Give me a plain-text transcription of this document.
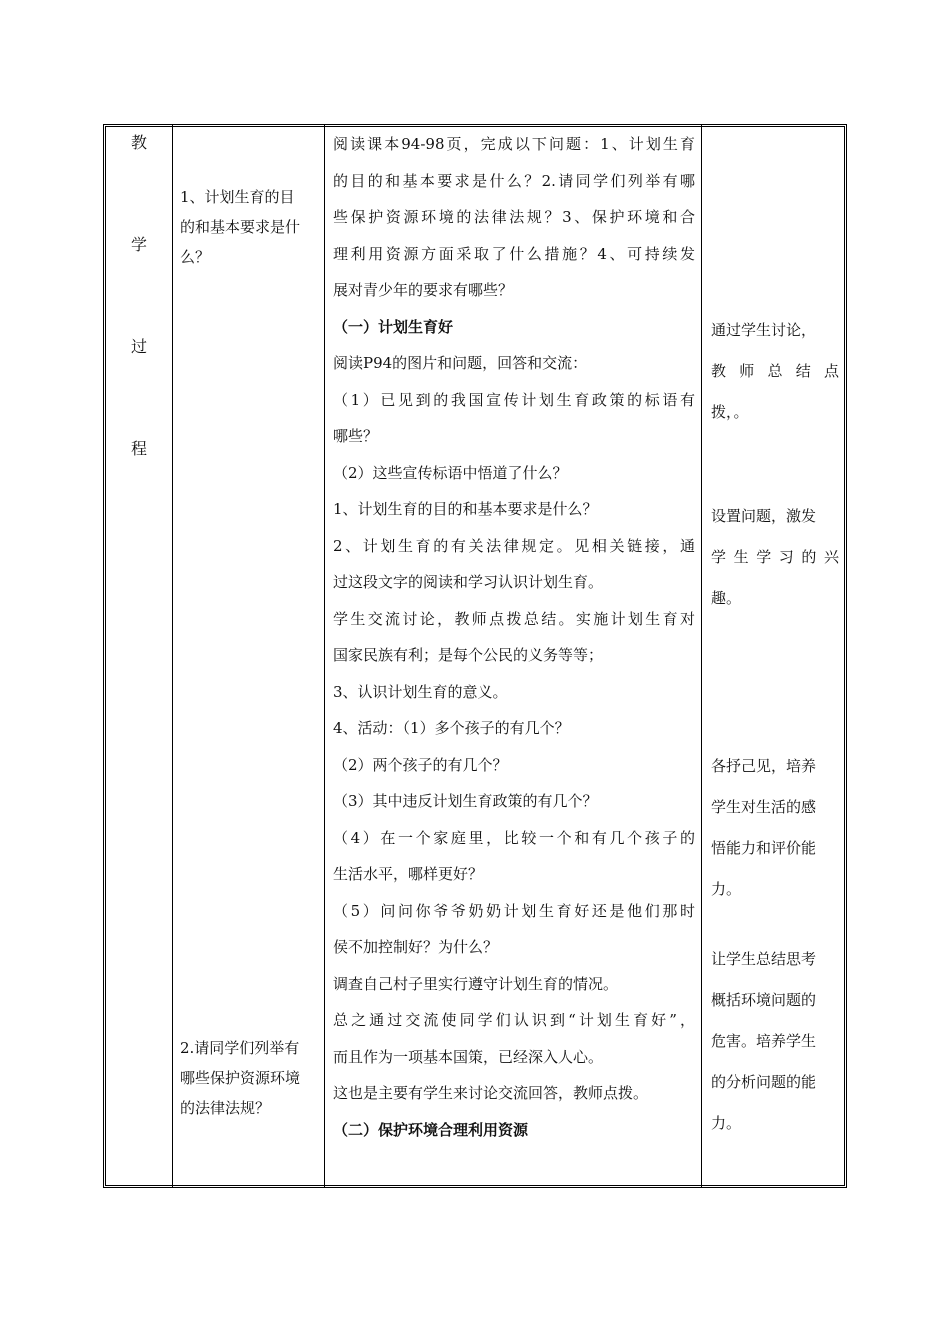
教
学
过
程
1、计划生育的目
的和基本要求是什
么？
2.请同学们列举有
哪些保护资源环境
的法律法规？
阅读课本94-98页，完成以下问题：1、计划生育
的目的和基本要求是什么？2.请同学们列举有哪
些保护资源环境的法律法规？3、保护环境和合
理利用资源方面采取了什么措施？4、可持续发
展对青少年的要求有哪些？
（一）计划生育好
阅读P94的图片和问题，回答和交流：
（1）已见到的我国宣传计划生育政策的标语有
哪些？
（2）这些宣传标语中悟道了什么？
1、计划生育的目的和基本要求是什么？
2、计划生育的有关法律规定。见相关链接，通
过这段文字的阅读和学习认识计划生育。
学生交流讨论，教师点拨总结。实施计划生育对
国家民族有利；是每个公民的义务等等；
3、认识计划生育的意义。
4、活动：（1）多个孩子的有几个？
（2）两个孩子的有几个？
（3）其中违反计划生育政策的有几个？
（4）在一个家庭里，比较一个和有几个孩子的
生活水平，哪样更好？
（5）问问你爷爷奶奶计划生育好还是他们那时
侯不加控制好？为什么？
调查自己村子里实行遵守计划生育的情况。
总之通过交流使同学们认识到“计划生育好”，
而且作为一项基本国策，已经深入人心。
这也是主要有学生来讨论交流回答，教师点拨。
（二）保护环境合理利用资源
通过学生讨论，
教 师 总 结 点
拨，。
设置问题，激发
学 生 学 习 的 兴
趣。
各抒己见，培养
学生对生活的感
悟能力和评价能
力。
让学生总结思考
概括环境问题的
危害。培养学生
的分析问题的能
力。
